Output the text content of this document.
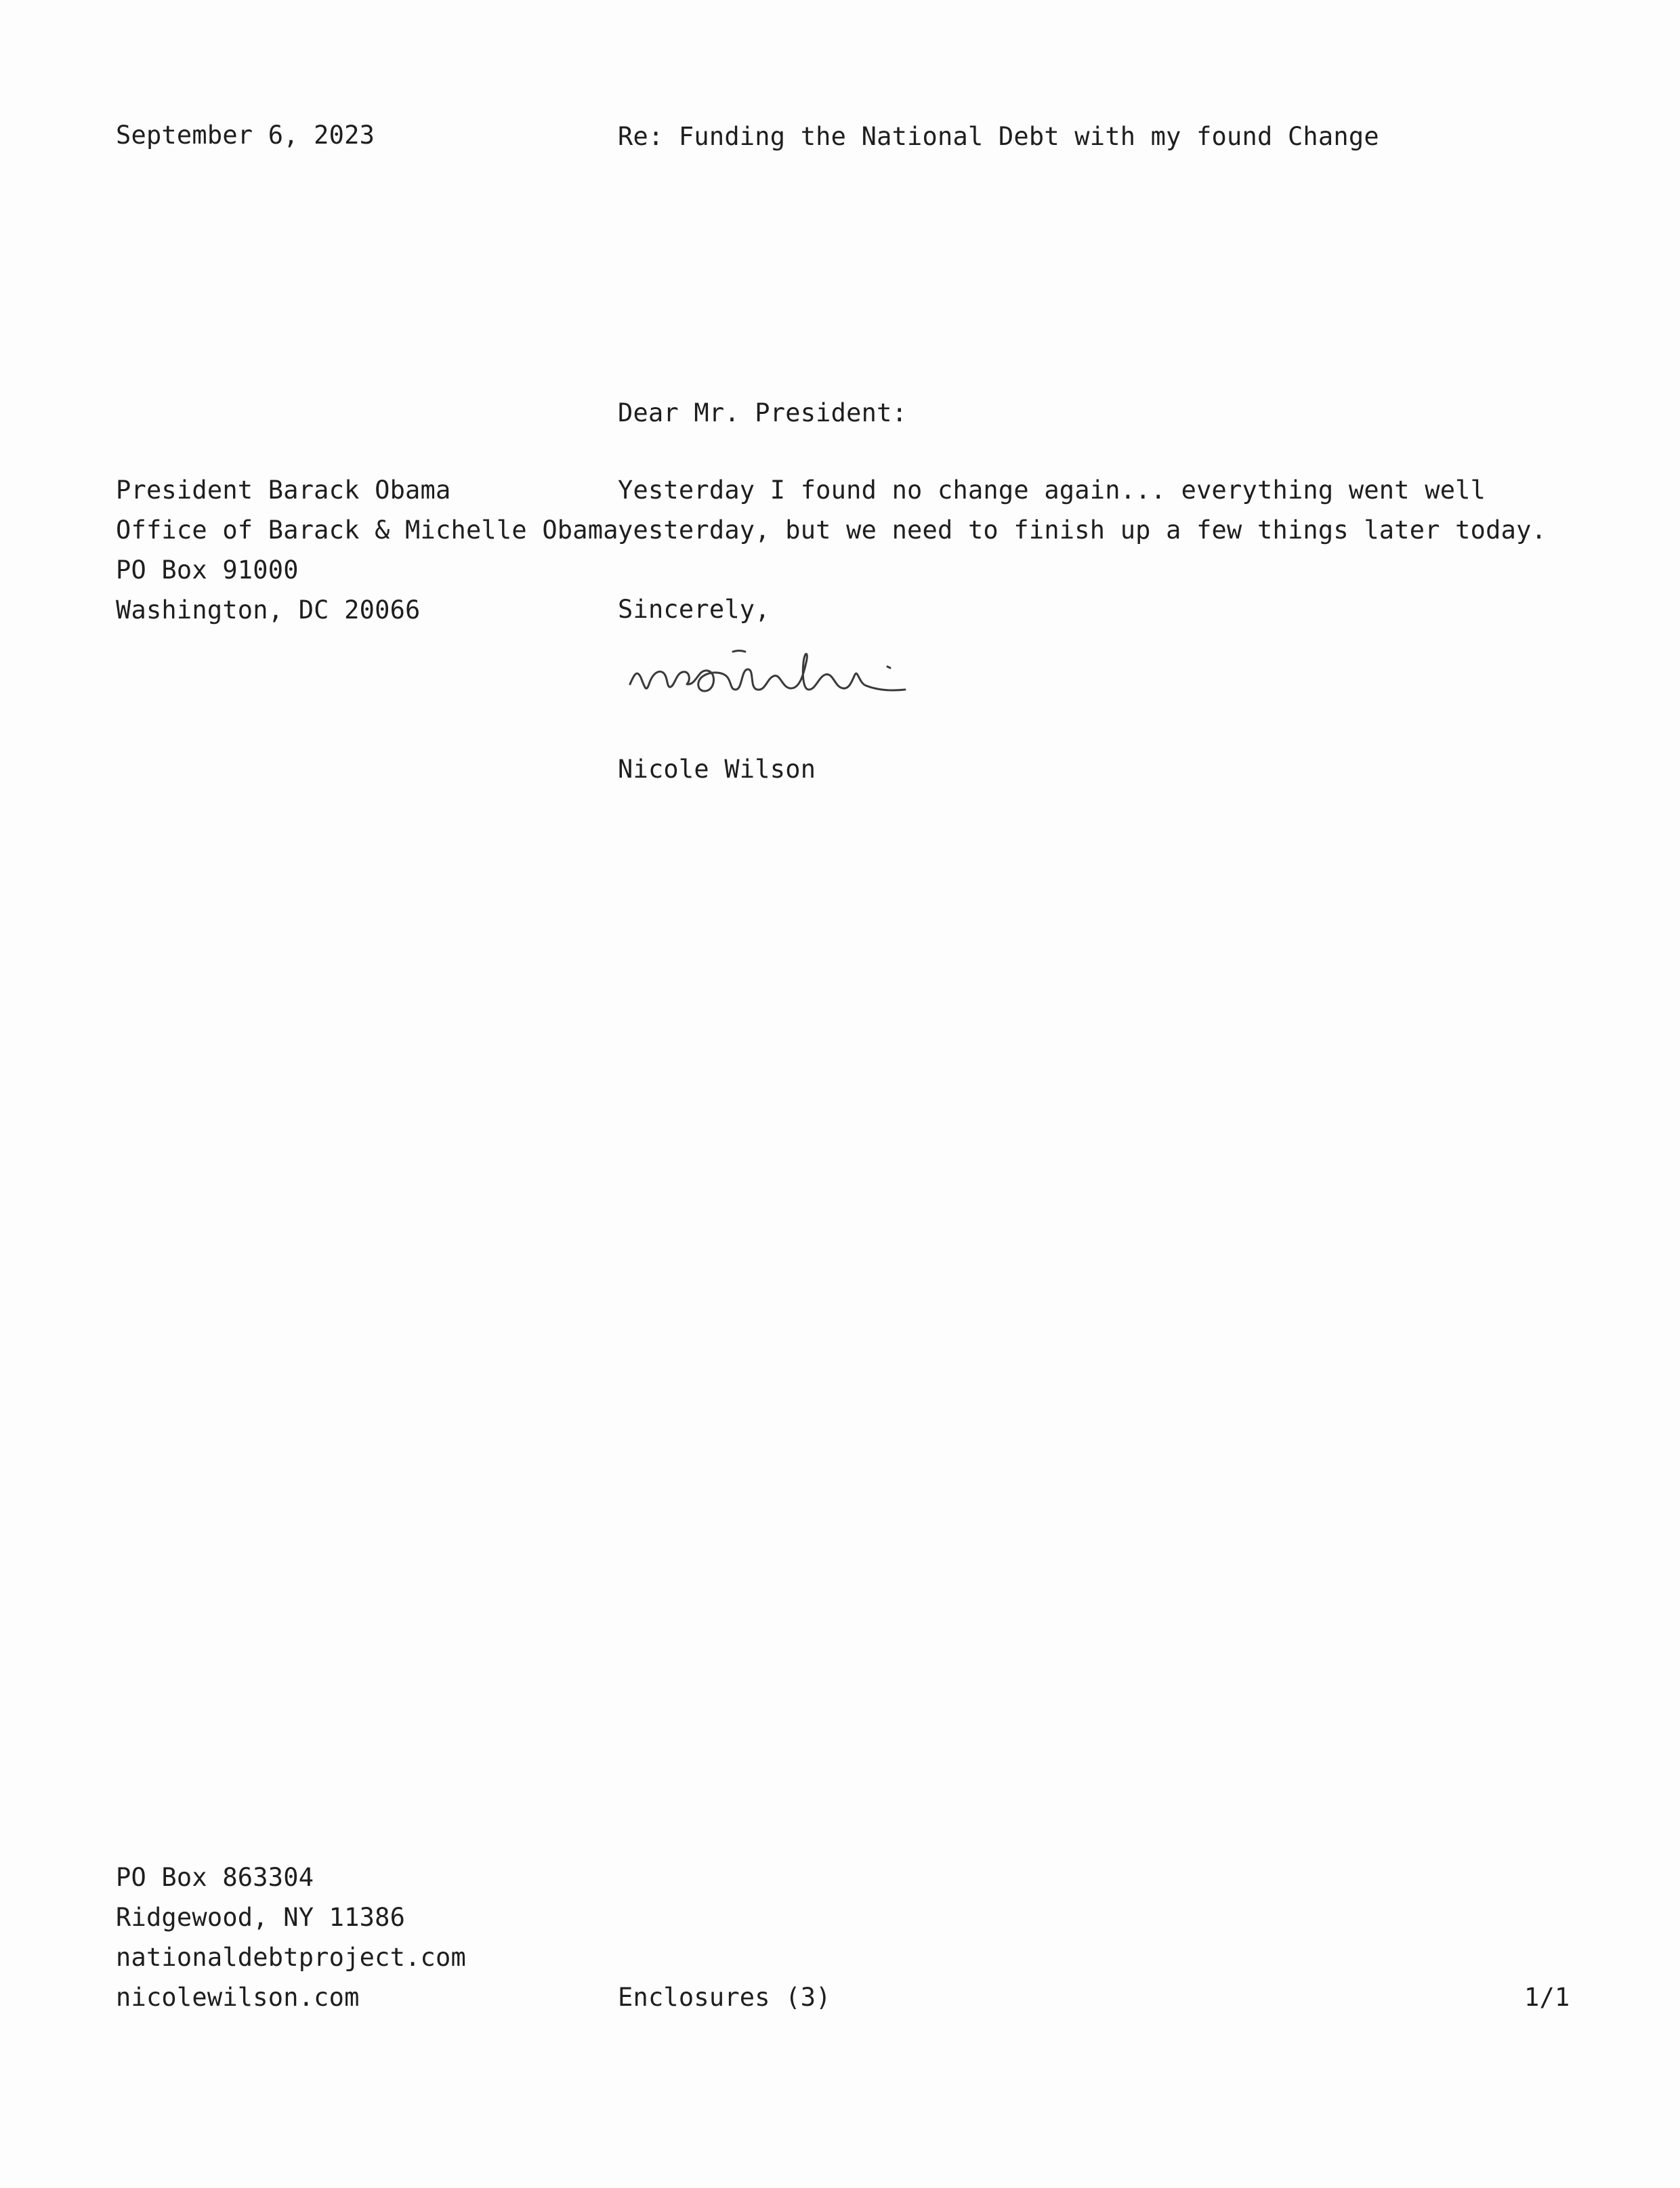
September 6, 2023	Re: Funding the National Debt with my found Change
Dear Mr. President:
President Barack Obama
Office of Barack & Michelle Obama
PO Box 91000
Washington, DC 20066
Yesterday I found no change again... everything went well
yesterday, but we need to finish up a few things later today.
Sincerely,
Nicole Wilson
PO Box 863304
Ridgewood, NY 11386
nationaldebtproject.com
nicolewilson.com	Enclosures (3)	1/1
